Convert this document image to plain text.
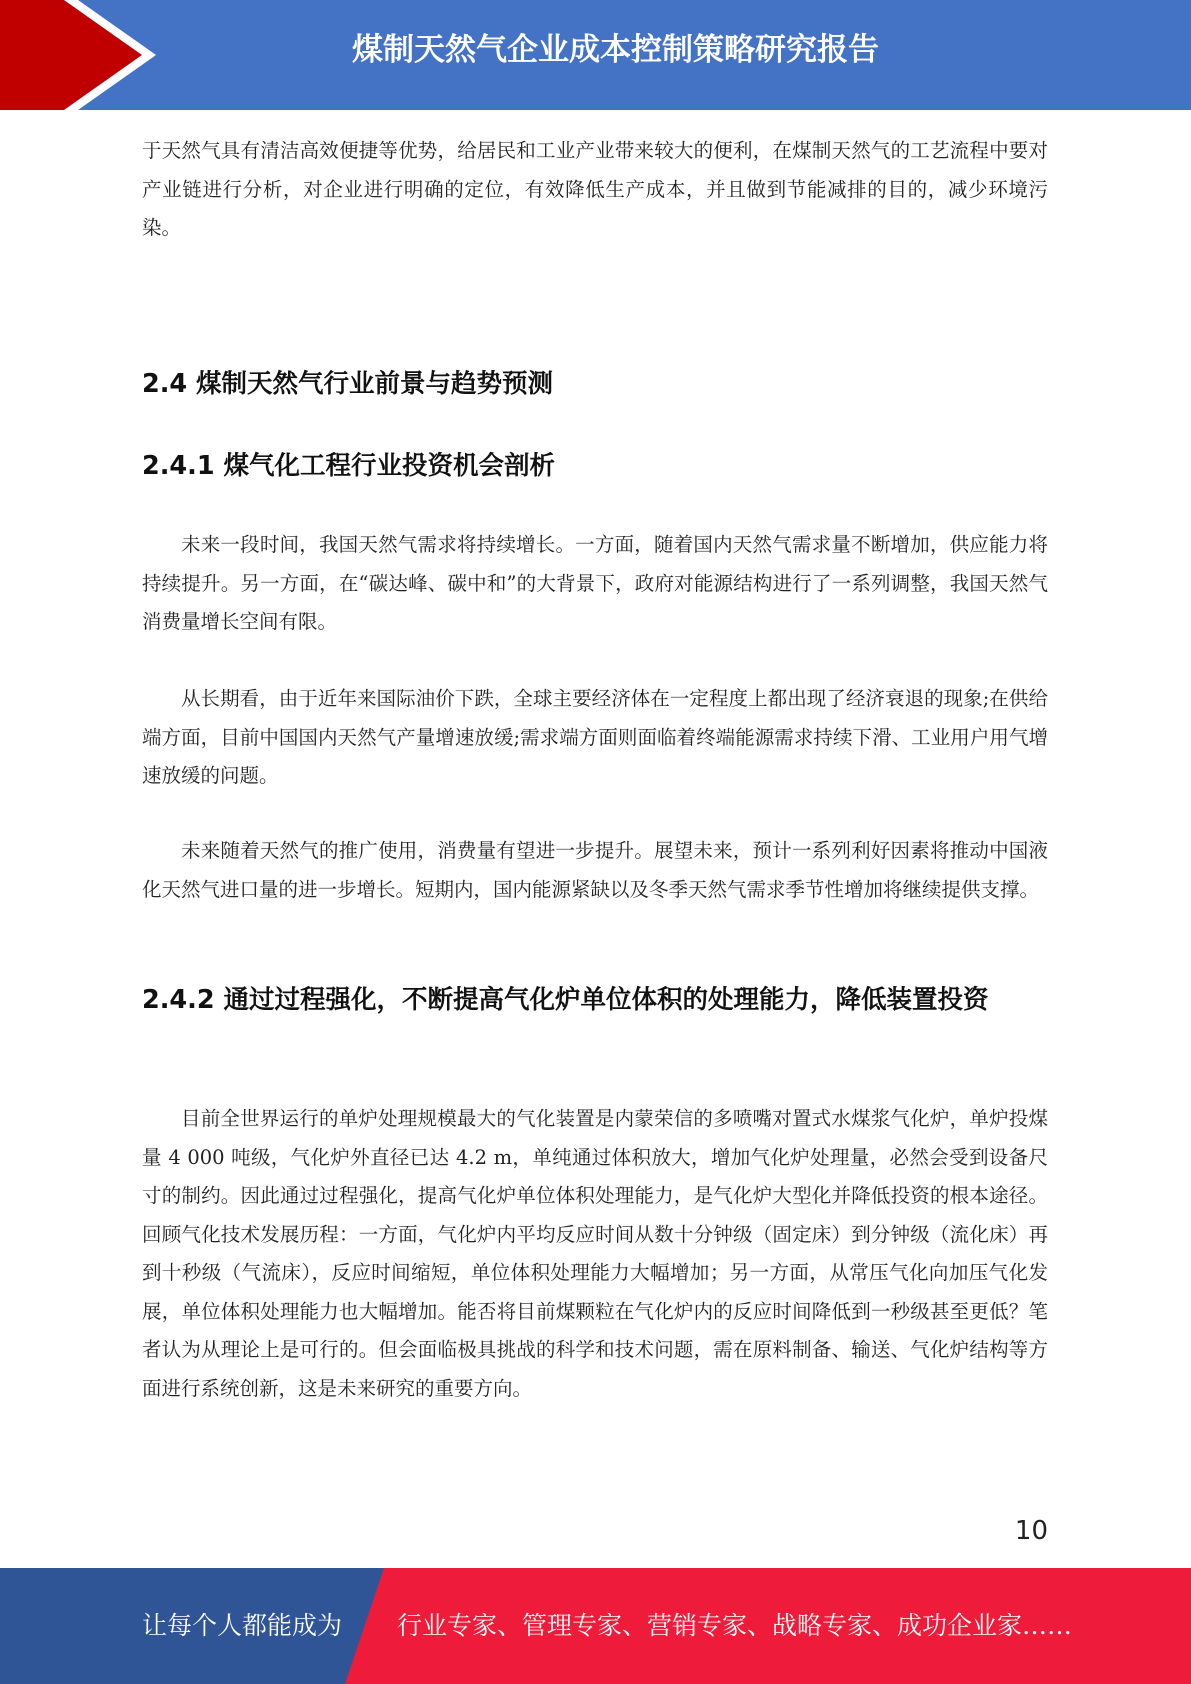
煤制天然气企业成本控制策略研究报告

于天然气具有清洁高效便捷等优势，给居民和工业产业带来较大的便利，在煤制天然气的工艺流程中要对产业链进行分析，对企业进行明确的定位，有效降低生产成本，并且做到节能减排的目的，减少环境污染。

2.4 煤制天然气行业前景与趋势预测
2.4.1 煤气化工程行业投资机会剖析

未来一段时间，我国天然气需求将持续增长。一方面，随着国内天然气需求量不断增加，供应能力将持续提升。另一方面，在“碳达峰、碳中和”的大背景下，政府对能源结构进行了一系列调整，我国天然气消费量增长空间有限。

从长期看，由于近年来国际油价下跌，全球主要经济体在一定程度上都出现了经济衰退的现象;在供给端方面，目前中国国内天然气产量增速放缓;需求端方面则面临着终端能源需求持续下滑、工业用户用气增速放缓的问题。

未来随着天然气的推广使用，消费量有望进一步提升。展望未来，预计一系列利好因素将推动中国液化天然气进口量的进一步增长。短期内，国内能源紧缺以及冬季天然气需求季节性增加将继续提供支撑。

2.4.2 通过过程强化，不断提高气化炉单位体积的处理能力，降低装置投资

目前全世界运行的单炉处理规模最大的气化装置是内蒙荣信的多喷嘴对置式水煤浆气化炉，单炉投煤量 4 000 吨级，气化炉外直径已达 4.2 m，单纯通过体积放大，增加气化炉处理量，必然会受到设备尺寸的制约。因此通过过程强化，提高气化炉单位体积处理能力，是气化炉大型化并降低投资的根本途径。回顾气化技术发展历程：一方面，气化炉内平均反应时间从数十分钟级（固定床）到分钟级（流化床）再到十秒级（气流床），反应时间缩短，单位体积处理能力大幅增加；另一方面，从常压气化向加压气化发展，单位体积处理能力也大幅增加。能否将目前煤颗粒在气化炉内的反应时间降低到一秒级甚至更低？笔者认为从理论上是可行的。但会面临极具挑战的科学和技术问题，需在原料制备、输送、气化炉结构等方面进行系统创新，这是未来研究的重要方向。

10
让每个人都能成为 行业专家、管理专家、营销专家、战略专家、成功企业家……
